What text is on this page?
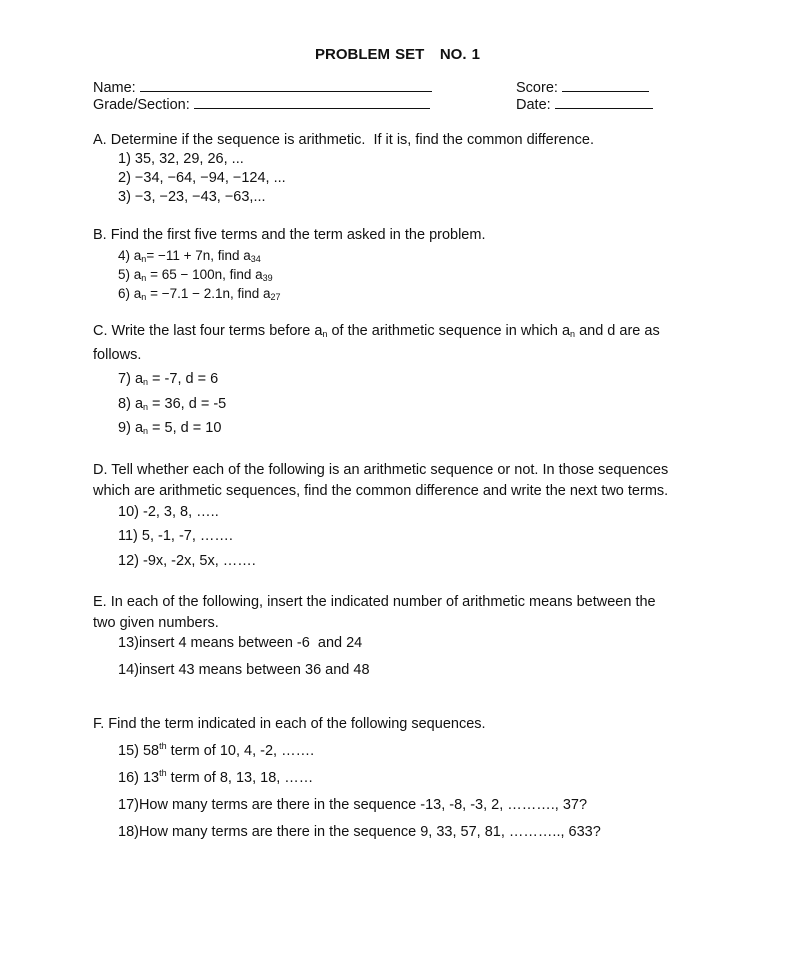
PROBLEM SET   NO. 1
Name:
Grade/Section:
Score:
Date:
A. Determine if the sequence is arithmetic.  If it is, find the common difference.
1) 35, 32, 29, 26, ...
2) −34, −64, −94, −124, ...
3) −3, −23, −43, −63,...
B. Find the first five terms and the term asked in the problem.
4) $a_n= -11 + 7n$, find $a_{34}$
5) $a_n = 65 - 100n$, find $a_{39}$
6) $a_n = -7.1 - 2.1n$, find $a_{27}$
C. Write the last four terms before $a_n$ of the arithmetic sequence in which $a_n$ and d are as
follows.
7) $a_n = -7$, d = 6
8) $a_n = 36$, d = -5
9) $a_n = 5$, d = 10
D. Tell whether each of the following is an arithmetic sequence or not. In those sequences
which are arithmetic sequences, find the common difference and write the next two terms.
10) -2, 3, 8, …..
11) 5, -1, -7, …….
12) -9x, -2x, 5x, …….
E. In each of the following, insert the indicated number of arithmetic means between the
two given numbers.
13)insert 4 means between -6  and 24
14)insert 43 means between 36 and 48
F. Find the term indicated in each of the following sequences.
15) 58th term of 10, 4, -2, …….
16) 13th term of 8, 13, 18, ……
17)How many terms are there in the sequence -13, -8, -3, 2, ………., 37?
18)How many terms are there in the sequence 9, 33, 57, 81, ……….., 633?
